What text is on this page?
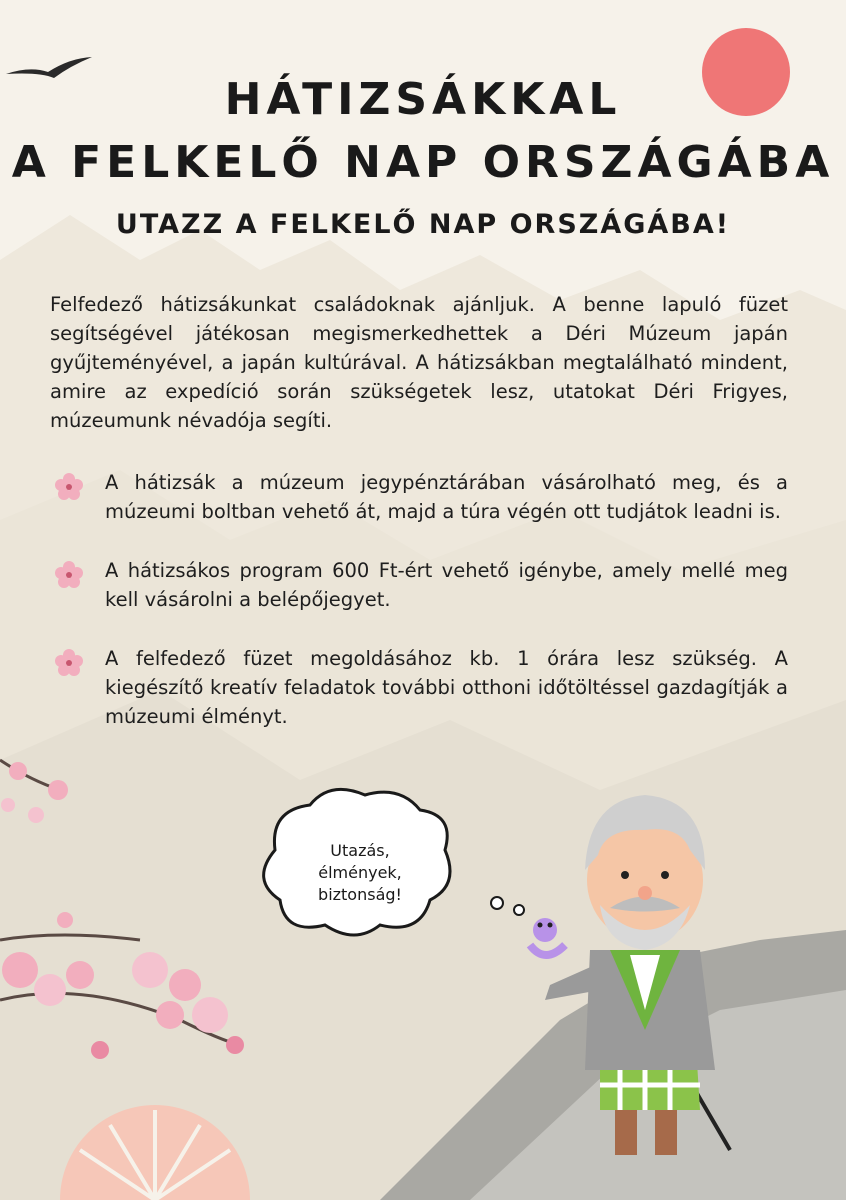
HÁTIZSÁKKAL
A FELKELŐ NAP ORSZÁGÁBA
UTAZZ A FELKELŐ NAP ORSZÁGÁBA!

Felfedező hátizsákunkat családoknak ajánljuk. A benne lapuló füzet segítségével játékosan megismerkedhettek a Déri Múzeum japán gyűjteményével, a japán kultúrával. A hátizsákban megtalálható mindent, amire az expedíció során szükségetek lesz, utatokat Déri Frigyes, múzeumunk névadója segíti.

A hátizsák a múzeum jegypénztárában vásárolható meg, és a múzeumi boltban vehető át, majd a túra végén ott tudjátok leadni is.
A hátizsákos program 600 Ft-ért vehető igénybe, amely mellé meg kell vásárolni a belépőjegyet.
A felfedező füzet megoldásához kb. 1 órára lesz szükség. A kiegészítő kreatív feladatok további otthoni időtöltéssel gazdagítják a múzeumi élményt.
Utazás,
élmények,
biztonság!
